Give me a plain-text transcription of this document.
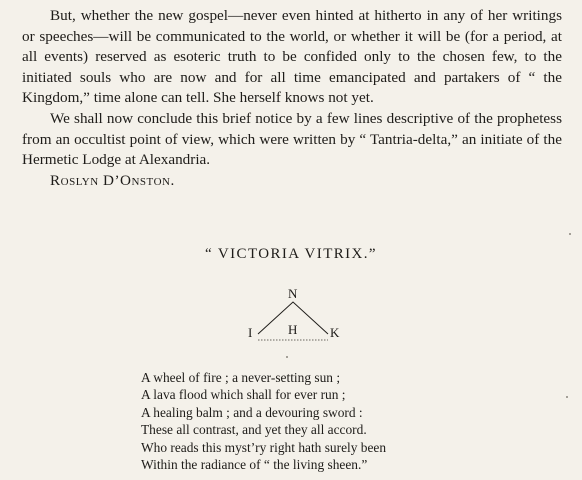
But, whether the new gospel—never even hinted at hitherto in any of her writings or speeches—will be communicated to the world, or whether it will be (for a period, at all events) reserved as esoteric truth to be confided only to the chosen few, to the initiated souls who are now and for all time emancipated and partakers of “ the Kingdom,” time alone can tell. She herself knows not yet.

We shall now conclude this brief notice by a few lines descriptive of the prophetess from an occultist point of view, which were written by “ Tantria-delta,” an initiate of the Hermetic Lodge at Alexandria.

Roslyn D’Onston.

“ VICTORIA VITRIX.”
N
I	H	K
A wheel of fire ; a never-setting sun ;
A lava flood which shall for ever run ;
A healing balm ; and a devouring sword :
These all contrast, and yet they all accord.
Who reads this myst’ry right hath surely been
Within the radiance of “ the living sheen.”
